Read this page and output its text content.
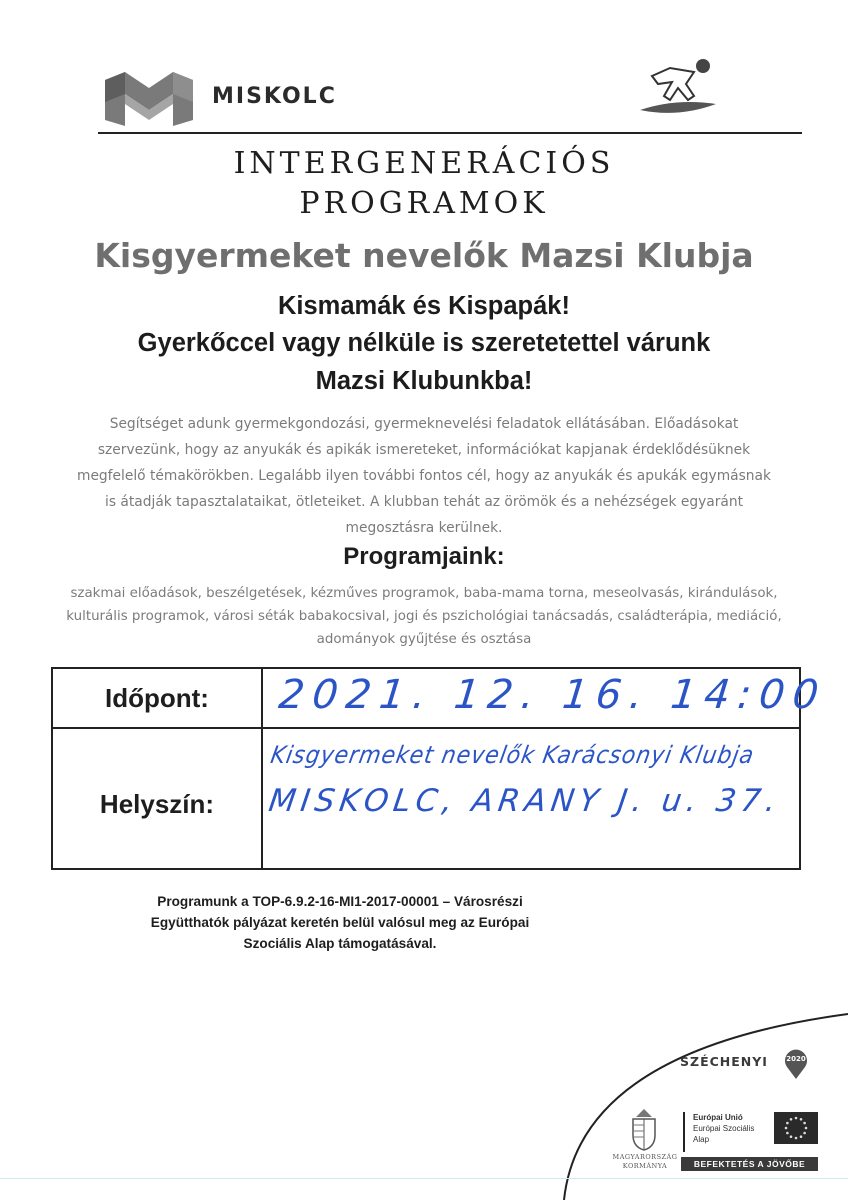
MISKOLC
INTERGENERÁCIÓS
PROGRAMOK
Kisgyermeket nevelők Mazsi Klubja
Kismamák és Kispapák!
Gyerkőccel vagy nélküle is szeretetettel várunk
Mazsi Klubunkba!
Segítséget adunk gyermekgondozási, gyermeknevelési feladatok ellátásában. Előadásokat szervezünk, hogy az anyukák és apikák ismereteket, információkat kapjanak érdeklődésüknek megfelelő témakörökben. Legalább ilyen további fontos cél, hogy az anyukák és apukák egymásnak is átadják tapasztalataikat, ötleteiket. A klubban tehát az örömök és a nehézségek egyaránt megosztásra kerülnek.
Programjaink:
szakmai előadások, beszélgetések, kézműves programok, baba-mama torna, meseolvasás, kirándulások, kulturális programok, városi séták babakocsival, jogi és pszichológiai tanácsadás, családterápia, mediáció, adományok gyűjtése és osztása
Időpont:
Helyszín:
2021. 12. 16. 14:00
Kisgyermeket nevelők Karácsonyi Klubja
MISKOLC, ARANY J. u. 37.
Programunk a TOP-6.9.2-16-MI1-2017-00001 – Városrészi
Együtthatók pályázat keretén belül valósul meg az Európai
Szociális Alap támogatásával.
SZÉCHENYI	2020
MAGYARORSZÁG
KORMÁNYA
Európai Unió
Európai Szociális
Alap
BEFEKTETÉS A JÖVŐBE
